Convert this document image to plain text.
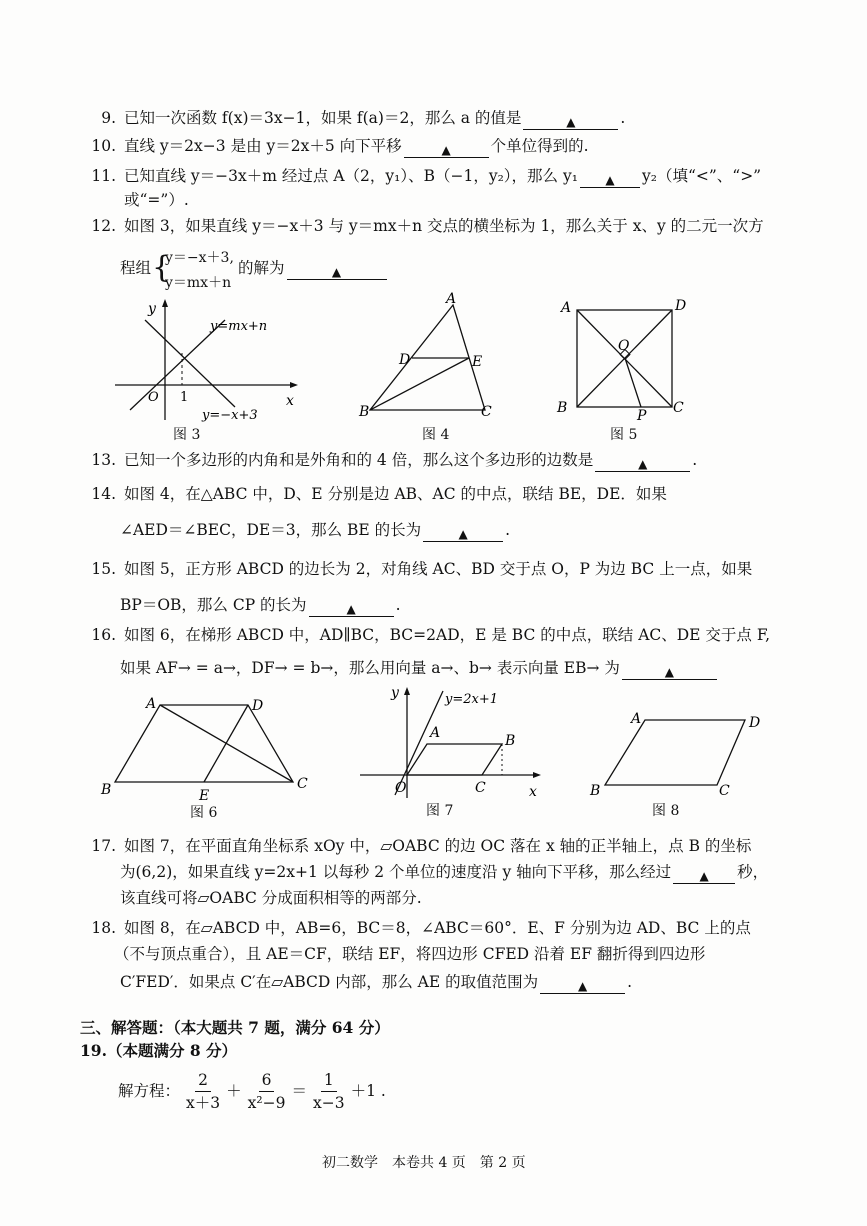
9. 已知一次函数 f(x)＝3x−1，如果 f(a)＝2，那么 a 的值是	▲	.
10. 直线 y＝2x−3 是由 y＝2x＋5 向下平移	▲	个单位得到的.
11. 已知直线 y＝−3x＋m 经过点 A（2，y₁）、B（−1，y₂），那么 y₁ ▲ y₂（填“<”、“>”
或“=”）.
12. 如图 3，如果直线 y＝−x＋3 与 y＝mx＋n 交点的横坐标为 1，那么关于 x、y 的二元一次方
程组 {
y＝−x＋3,
y＝mx＋n
的解为	▲
y
x
O 1
y=mx+n
y=−x+3
图 3
A
B	C
D	E
图 4
A	D
B	C
O
P
图 5
13. 已知一个多边形的内角和是外角和的 4 倍，那么这个多边形的边数是	▲	.
14. 如图 4，在△ABC 中，D、E 分别是边 AB、AC 的中点，联结 BE，DE．如果
∠AED＝∠BEC，DE＝3，那么 BE 的长为	▲ .
15. 如图 5，正方形 ABCD 的边长为 2，对角线 AC、BD 交于点 O，P 为边 BC 上一点，如果
BP＝OB，那么 CP 的长为	▲	.
16. 如图 6，在梯形 ABCD 中，AD∥BC，BC=2AD，E 是 BC 的中点，联结 AC、DE 交于点 F,
如果 AF→ = a→，DF→ = b→，那么用向量 a→、b→ 表示向量 EB→ 为	▲
A	D
B	C
E
图 6
y	y=2x+1
A	B
C
O	x
图 7
A	D
B	C
图 8
17. 如图 7，在平面直角坐标系 xOy 中，▱OABC 的边 OC 落在 x 轴的正半轴上，点 B 的坐标
为(6,2)，如果直线 y=2x+1 以每秒 2 个单位的速度沿 y 轴向下平移，那么经过 ▲ 秒，
该直线可将▱OABC 分成面积相等的两部分.
18. 如图 8，在▱ABCD 中，AB=6，BC＝8，∠ABC＝60°．E、F 分别为边 AD、BC 上的点
（不与顶点重合），且 AE＝CF，联结 EF，将四边形 CFED 沿着 EF 翻折得到四边形
C′FED′．如果点 C′在▱ABCD 内部，那么 AE 的取值范围为	▲	.
三、解答题：（本大题共 7 题，满分 64 分）
19.（本题满分 8 分）
解方程： $\frac{2}{x+3} + \frac{6}{\text{x²−9}} = \frac{1}{x-3} +1$ .
初二数学　本卷共 4 页　第 2 页
